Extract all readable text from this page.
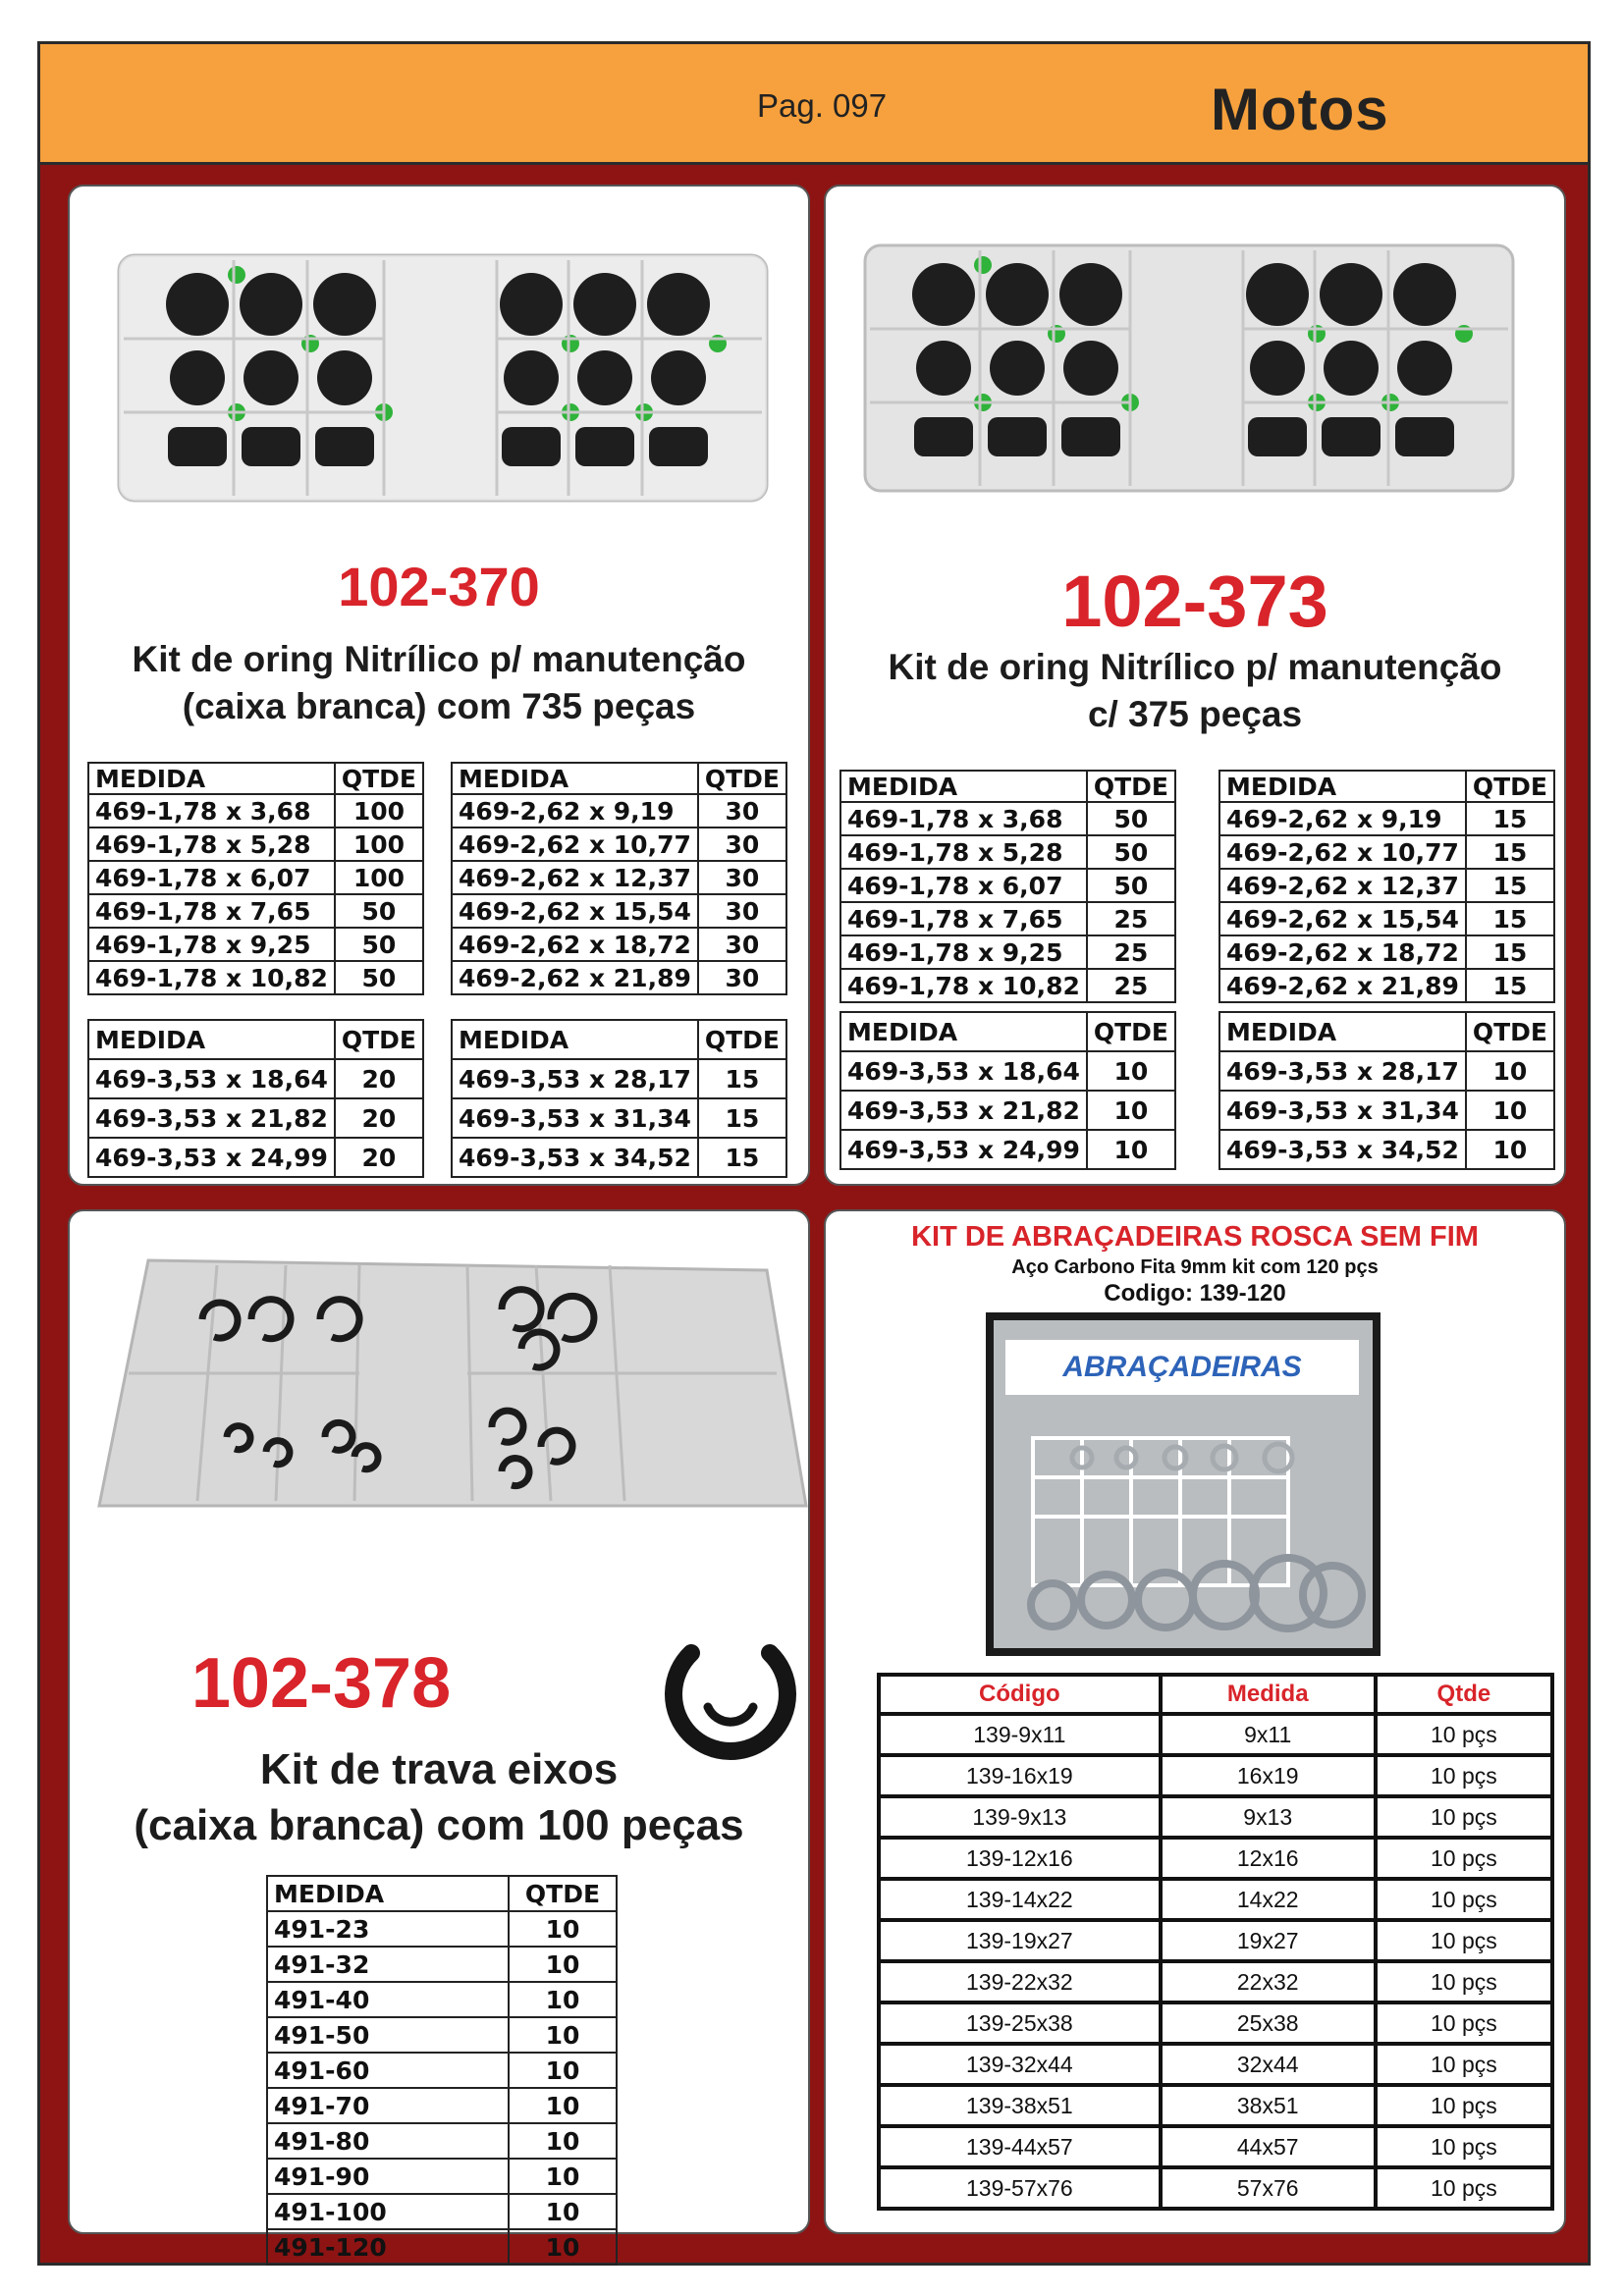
Pag. 097	Motos
102-370
Kit de oring Nitrílico p/ manutenção
(caixa branca) com 735 peças
MEDIDA	QTDE
469-1,78 x 3,68	100
469-1,78 x 5,28	100
469-1,78 x 6,07	100
469-1,78 x 7,65	50
469-1,78 x 9,25	50
469-1,78 x 10,82	50
MEDIDA	QTDE
469-2,62 x 9,19	30
469-2,62 x 10,77	30
469-2,62 x 12,37	30
469-2,62 x 15,54	30
469-2,62 x 18,72	30
469-2,62 x 21,89	30
MEDIDA	QTDE
469-3,53 x 18,64	20
469-3,53 x 21,82	20
469-3,53 x 24,99	20
MEDIDA	QTDE
469-3,53 x 28,17	15
469-3,53 x 31,34	15
469-3,53 x 34,52	15
102-373
Kit de oring Nitrílico p/ manutenção
c/ 375 peças
MEDIDA	QTDE
469-1,78 x 3,68	50
469-1,78 x 5,28	50
469-1,78 x 6,07	50
469-1,78 x 7,65	25
469-1,78 x 9,25	25
469-1,78 x 10,82	25
MEDIDA	QTDE
469-2,62 x 9,19	15
469-2,62 x 10,77	15
469-2,62 x 12,37	15
469-2,62 x 15,54	15
469-2,62 x 18,72	15
469-2,62 x 21,89	15
MEDIDA	QTDE
469-3,53 x 18,64	10
469-3,53 x 21,82	10
469-3,53 x 24,99	10
MEDIDA	QTDE
469-3,53 x 28,17	10
469-3,53 x 31,34	10
469-3,53 x 34,52	10
102-378
Kit de trava eixos
(caixa branca) com 100 peças
MEDIDA	QTDE
491-23	10
491-32	10
491-40	10
491-50	10
491-60	10
491-70	10
491-80	10
491-90	10
491-100	10
491-120	10
KIT DE ABRAÇADEIRAS ROSCA SEM FIM
Aço Carbono Fita 9mm kit com 120 pçs
Codigo: 139-120
ABRAÇADEIRAS
Código	Medida	Qtde
139-9x11	9x11	10 pçs
139-16x19	16x19	10 pçs
139-9x13	9x13	10 pçs
139-12x16	12x16	10 pçs
139-14x22	14x22	10 pçs
139-19x27	19x27	10 pçs
139-22x32	22x32	10 pçs
139-25x38	25x38	10 pçs
139-32x44	32x44	10 pçs
139-38x51	38x51	10 pçs
139-44x57	44x57	10 pçs
139-57x76	57x76	10 pçs
